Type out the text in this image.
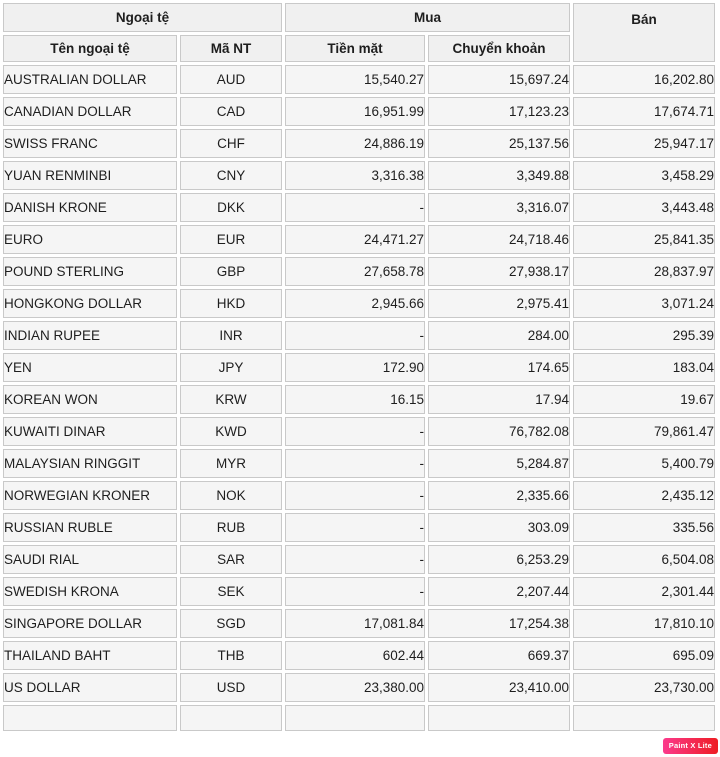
Ngoại tệ		Mua		Bán
Tên ngoại tệ	Mã NT	Tiền mặt	Chuyển khoản	
AUSTRALIAN DOLLAR	AUD	15,540.27	15,697.24	16,202.80
CANADIAN DOLLAR	CAD	16,951.99	17,123.23	17,674.71
SWISS FRANC	CHF	24,886.19	25,137.56	25,947.17
YUAN RENMINBI	CNY	3,316.38	3,349.88	3,458.29
DANISH KRONE	DKK	-	3,316.07	3,443.48
EURO	EUR	24,471.27	24,718.46	25,841.35
POUND STERLING	GBP	27,658.78	27,938.17	28,837.97
HONGKONG DOLLAR	HKD	2,945.66	2,975.41	3,071.24
INDIAN RUPEE	INR	-	284.00	295.39
YEN	JPY	172.90	174.65	183.04
KOREAN WON	KRW	16.15	17.94	19.67
KUWAITI DINAR	KWD	-	76,782.08	79,861.47
MALAYSIAN RINGGIT	MYR	-	5,284.87	5,400.79
NORWEGIAN KRONER	NOK	-	2,335.66	2,435.12
RUSSIAN RUBLE	RUB	-	303.09	335.56
SAUDI RIAL	SAR	-	6,253.29	6,504.08
SWEDISH KRONA	SEK	-	2,207.44	2,301.44
SINGAPORE DOLLAR	SGD	17,081.84	17,254.38	17,810.10
THAILAND BAHT	THB	602.44	669.37	695.09
US DOLLAR	USD	23,380.00	23,410.00	23,730.00

Paint X Lite
